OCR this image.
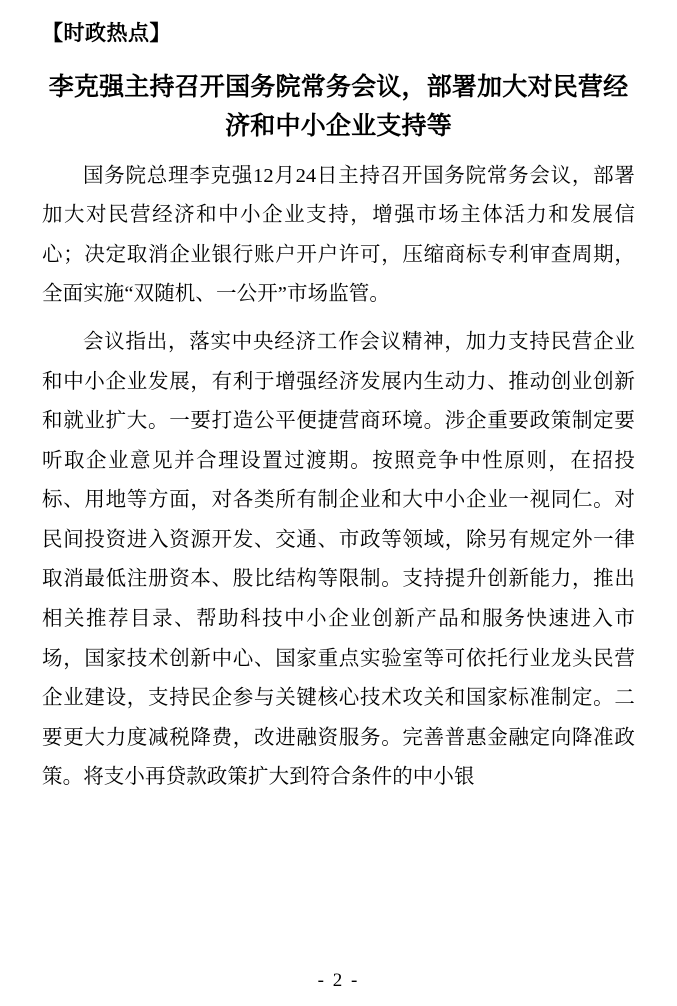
【时政热点】
李克强主持召开国务院常务会议，部署加大对民营经济和中小企业支持等

国务院总理李克强12月24日主持召开国务院常务会议，部署加大对民营经济和中小企业支持，增强市场主体活力和发展信心；决定取消企业银行账户开户许可，压缩商标专利审查周期，全面实施“双随机、一公开”市场监管。

会议指出，落实中央经济工作会议精神，加力支持民营企业和中小企业发展，有利于增强经济发展内生动力、推动创业创新和就业扩大。一要打造公平便捷营商环境。涉企重要政策制定要听取企业意见并合理设置过渡期。按照竞争中性原则，在招投标、用地等方面，对各类所有制企业和大中小企业一视同仁。对民间投资进入资源开发、交通、市政等领域，除另有规定外一律取消最低注册资本、股比结构等限制。支持提升创新能力，推出相关推荐目录、帮助科技中小企业创新产品和服务快速进入市场，国家技术创新中心、国家重点实验室等可依托行业龙头民营企业建设，支持民企参与关键核心技术攻关和国家标准制定。二要更大力度减税降费，改进融资服务。完善普惠金融定向降准政策。将支小再贷款政策扩大到符合条件的中小银

- 2 -
